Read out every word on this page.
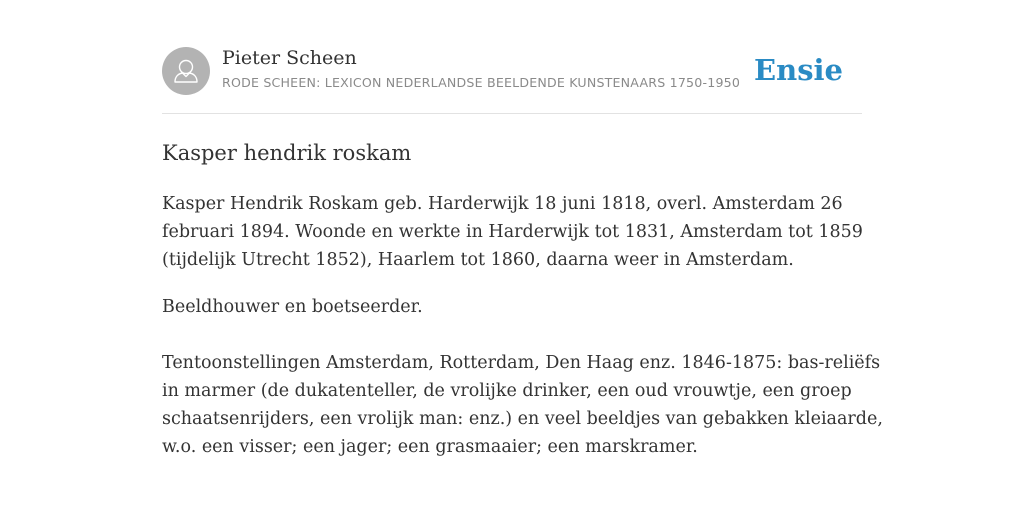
Pieter Scheen
RODE SCHEEN: LEXICON NEDERLANDSE BEELDENDE KUNSTENAARS 1750-1950 Ensie
Kasper hendrik roskam

Kasper Hendrik Roskam geb. Harderwijk 18 juni 1818, overl. Amsterdam 26
februari 1894. Woonde en werkte in Harderwijk tot 1831, Amsterdam tot 1859
(tijdelijk Utrecht 1852), Haarlem tot 1860, daarna weer in Amsterdam.

Beeldhouwer en boetseerder.

Tentoonstellingen Amsterdam, Rotterdam, Den Haag enz. 1846-1875: bas-reliëfs
in marmer (de dukatenteller, de vrolijke drinker, een oud vrouwtje, een groep
schaatsenrijders, een vrolijk man: enz.) en veel beeldjes van gebakken kleiaarde,
w.o. een visser; een jager; een grasmaaier; een marskramer.
